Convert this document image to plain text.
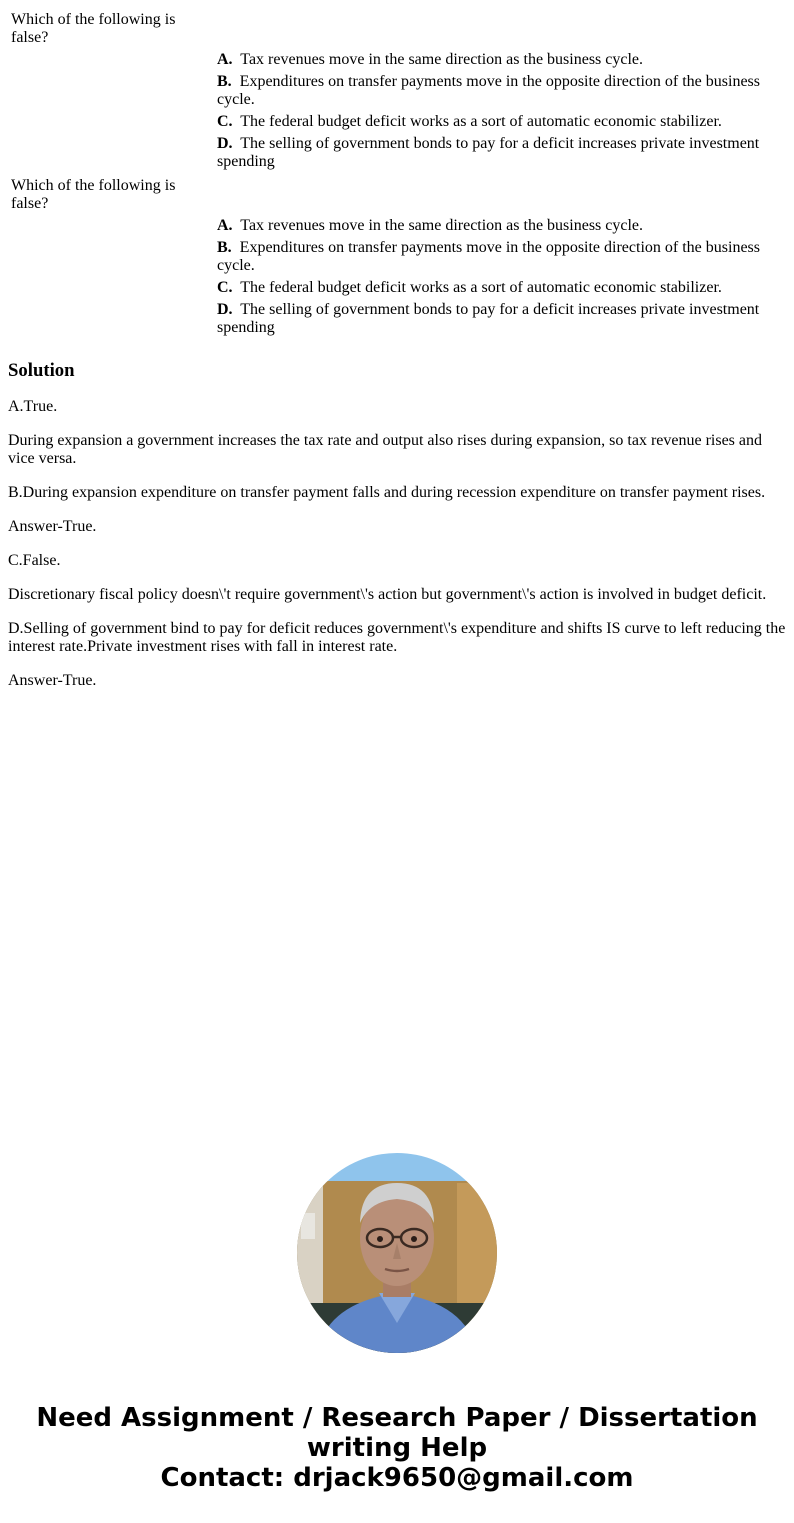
Which of the following is false?	
	A. Tax revenues move in the same direction as the business cycle.
	B. Expenditures on transfer payments move in the opposite direction of the business cycle.
	C. The federal budget deficit works as a sort of automatic economic stabilizer.
	D. The selling of government bonds to pay for a deficit increases private investment spending
Which of the following is false?	
	A. Tax revenues move in the same direction as the business cycle.
	B. Expenditures on transfer payments move in the opposite direction of the business cycle.
	C. The federal budget deficit works as a sort of automatic economic stabilizer.
	D. The selling of government bonds to pay for a deficit increases private investment spending
Solution

A.True.

During expansion a government increases the tax rate and output also rises during expansion, so tax revenue rises and vice versa.

B.During expansion expenditure on transfer payment falls and during recession expenditure on transfer payment rises.

Answer-True.

C.False.

Discretionary fiscal policy doesn\'t require government\'s action but government\'s action is involved in budget deficit.

D.Selling of government bind to pay for deficit reduces government\'s expenditure and shifts IS curve to left reducing the interest rate.Private investment rises with fall in interest rate.

Answer-True.

Need Assignment / Research Paper / Dissertation
writing Help
Contact: drjack9650@gmail.com
